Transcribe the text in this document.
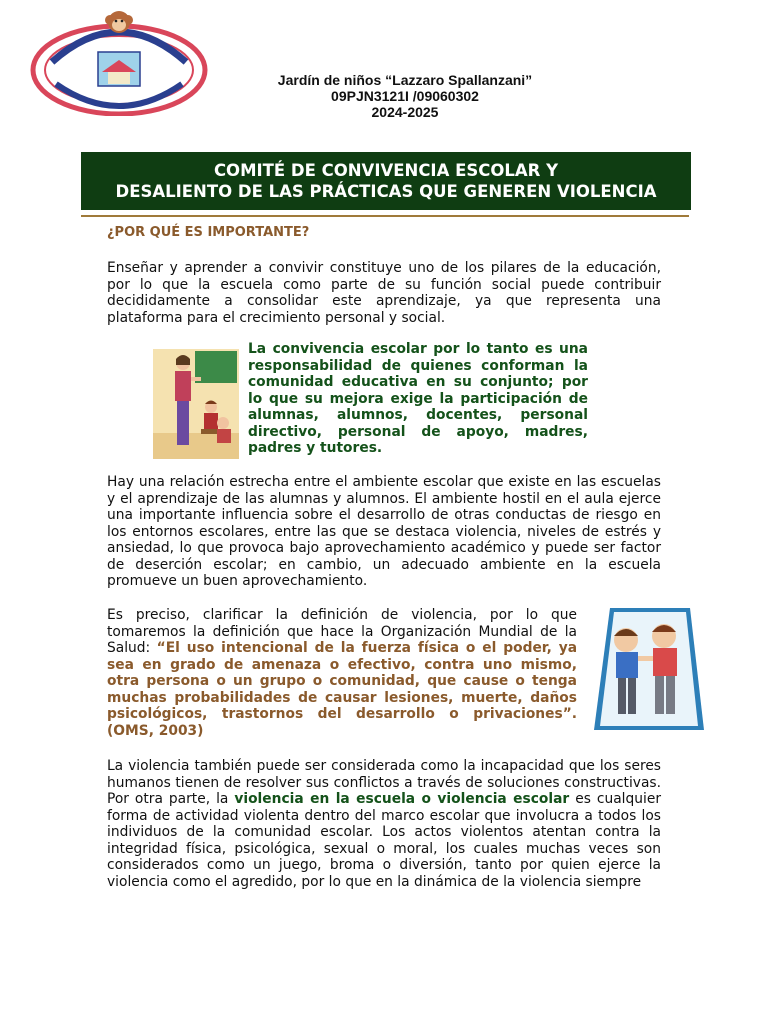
Jardín de niños “Lazzaro Spallanzani”
09PJN3121I /09060302
2024-2025
COMITÉ DE CONVIVENCIA ESCOLAR Y
DESALIENTO DE LAS PRÁCTICAS QUE GENEREN VIOLENCIA
¿POR QUÉ ES IMPORTANTE?
Enseñar y aprender a convivir constituye uno de los pilares de la educación, por lo que la escuela como parte de su función social puede contribuir decididamente a consolidar este aprendizaje, ya que representa una plataforma para el crecimiento personal y social.
La convivencia escolar por lo tanto es una responsabilidad de quienes conforman la comunidad educativa en su conjunto; por lo que su mejora exige la participación de alumnas, alumnos, docentes, personal directivo, personal de apoyo, madres, padres y tutores.
Hay una relación estrecha entre el ambiente escolar que existe en las escuelas y el aprendizaje de las alumnas y alumnos. El ambiente hostil en el aula ejerce una importante influencia sobre el desarrollo de otras conductas de riesgo en los entornos escolares, entre las que se destaca violencia, niveles de estrés y ansiedad, lo que provoca bajo aprovechamiento académico y puede ser factor de deserción escolar; en cambio, un adecuado ambiente en la escuela promueve un buen aprovechamiento.
Es preciso, clarificar la definición de violencia, por lo que tomaremos la definición que hace la Organización Mundial de la Salud: “El uso intencional de la fuerza física o el poder, ya sea en grado de amenaza o efectivo, contra uno mismo, otra persona o un grupo o comunidad, que cause o tenga muchas probabilidades de causar lesiones, muerte, daños psicológicos, trastornos del desarrollo o privaciones”. (OMS, 2003)
La violencia también puede ser considerada como la incapacidad que los seres humanos tienen de resolver sus conflictos a través de soluciones constructivas. Por otra parte, la violencia en la escuela o violencia escolar es cualquier forma de actividad violenta dentro del marco escolar que involucra a todos los individuos de la comunidad escolar. Los actos violentos atentan contra la integridad física, psicológica, sexual o moral, los cuales muchas veces son considerados como un juego, broma o diversión, tanto por quien ejerce la violencia como el agredido, por lo que en la dinámica de la violencia siempre
